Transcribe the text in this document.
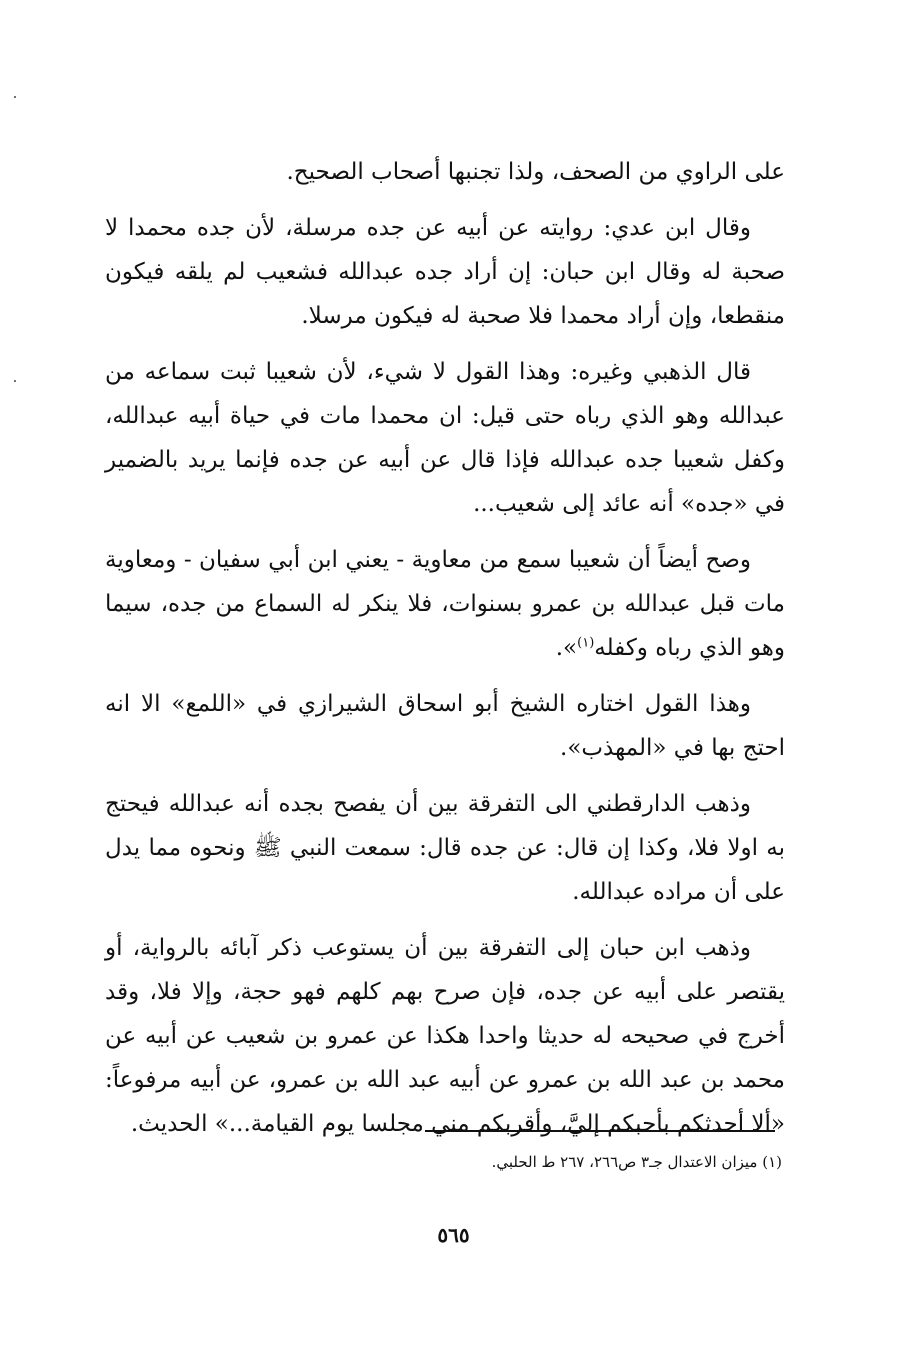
على الراوي من الصحف، ولذا تجنبها أصحاب الصحيح.

وقال ابن عدي: روايته عن أبيه عن جده مرسلة، لأن جده محمدا لا صحبة له وقال ابن حبان: إن أراد جده عبدالله فشعيب لم يلقه فيكون منقطعا، وإن أراد محمدا فلا صحبة له فيكون مرسلا.

قال الذهبي وغيره: وهذا القول لا شيء، لأن شعيبا ثبت سماعه من عبدالله وهو الذي رباه حتى قيل: ان محمدا مات في حياة أبيه عبدالله، وكفل شعيبا جده عبدالله فإذا قال عن أبيه عن جده فإنما يريد بالضمير في «جده» أنه عائد إلى شعيب...

وصح أيضاً أن شعيبا سمع من معاوية - يعني ابن أبي سفيان - ومعاوية مات قبل عبدالله بن عمرو بسنوات، فلا ينكر له السماع من جده، سيما وهو الذي رباه وكفله$^{(١)}$».

وهذا القول اختاره الشيخ أبو اسحاق الشيرازي في «اللمع» الا انه احتج بها في «المهذب».

وذهب الدارقطني الى التفرقة بين أن يفصح بجده أنه عبدالله فيحتج به اولا فلا، وكذا إن قال: عن جده قال: سمعت النبي ﷺ ونحوه مما يدل على أن مراده عبدالله.

وذهب ابن حبان إلى التفرقة بين أن يستوعب ذكر آبائه بالرواية، أو يقتصر على أبيه عن جده، فإن صرح بهم كلهم فهو حجة، وإلا فلا، وقد أخرج في صحيحه له حديثا واحدا هكذا عن عمرو بن شعيب عن أبيه عن محمد بن عبد الله بن عمرو عن أبيه عبد الله بن عمرو، عن أبيه مرفوعاً: «ألا أحدثكم بأحبكم إليَّ، وأقربكم مني مجلسا يوم القيامة...» الحديث.

(١) ميزان الاعتدال جـ٣ ص٢٦٦، ٢٦٧ ط الحلبي.
٥٦٥
